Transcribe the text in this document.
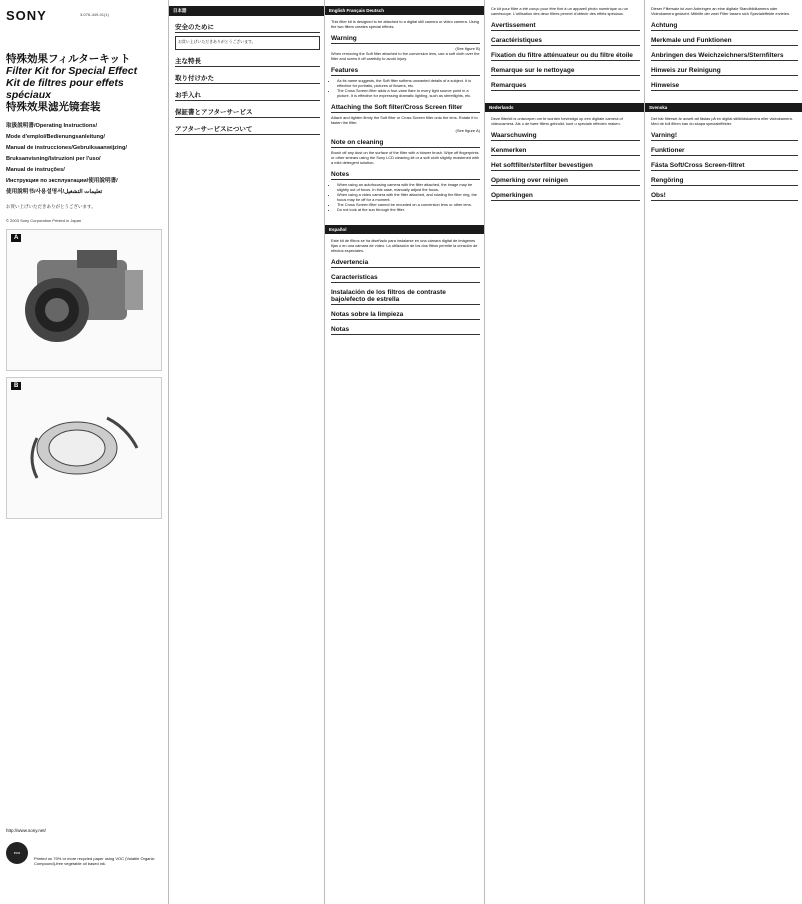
SONY	3-076-449-01(1)
特殊効果フィルターキット
Filter Kit for Special Effect
Kit de filtres pour effets spéciaux
特殊效果滤光镜套装
取扱説明書/Operating Instructions/
Mode d'emploi/Bedienungsanleitung/
Manual de instrucciones/Gebruiksaanwijzing/
Bruksanvisning/Istruzioni per l'uso/
Manual de instruções/
Инструкция по эксплуатации/使用說明書/
使用說明书/사용설명서/تعليمات التشغيل
お買い上げいただきありがとうございます。
© 2003 Sony Corporation Printed in Japan
A
B
http://www.sony.net/
eco
Printed on 70% or more recycled paper using VOC (Volatile Organic Compound)-free vegetable oil based ink.
日本語
安全のために

お買い上げいただきありがとうございます。

主な特長
取り付けかた
お手入れ
保証書とアフターサービス
アフターサービスについて
English Français Deutsch

This filter kit is designed to be attached to a digital still camera or video camera. Using the two filters creates special effects.

Warning
(See figure B)

When removing the Soft filter attached to the conversion lens, use a soft cloth over the filter and screw it off carefully to avoid injury.

Features
• As its name suggests, the Soft filter softens unwanted details of a subject. It is effective for portraits, pictures of flowers, etc.
• The Cross Screen filter adds a four-vane flare to every light source point in a picture. It is effective for expressing dramatic lighting, such as streetlights, etc.
Attaching the Soft filter/Cross Screen filter

Attach and tighten firmly the Soft filter or Cross Screen filter onto the lens. Rotate it to fasten the filter.

(See figure A)
Note on cleaning

Brush off any dust on the surface of the filter with a blower brush. Wipe off fingerprints or other smears using the Sony LCD cleaning kit or a soft cloth slightly moistened with a mild detergent solution.

Notes
• When using an autofocusing camera with the filter attached, the image may be slightly out of focus. In this case, manually adjust the focus.
• When using a video camera with the filter attached, and rotating the filter ring, the focus may be off for a moment.
• The Cross Screen filter cannot be mounted on a conversion lens or other lens.
• Do not look at the sun through the filter.
Español

Este kit de filtros se ha diseñado para instalarse en una cámara digital de imágenes fijas o en una cámara de vídeo. La utilización de los dos filtros permite la creación de efectos especiales.

Advertencia
Características
Instalación de los filtros de contraste bajo/efecto de estrella
Notas sobre la limpieza
Notas

Ce kit pour filtre a été conçu pour être fixé à un appareil photo numérique ou un caméscope. L'utilisation des deux filtres permet d'obtenir des effets spéciaux.

Avertissement
Caractéristiques
Fixation du filtre atténuateur ou du filtre étoile
Remarque sur le nettoyage
Remarques
Nederlands

Deze filterkit is ontworpen om te worden bevestigd op een digitale camera of videocamera. Als u de twee filters gebruikt, kunt u speciale effecten maken.

Waarschuwing
Kenmerken
Het softfilter/sterfilter bevestigen
Opmerking over reinigen
Opmerkingen

Dieser Filtersatz ist zum Anbringen an eine digitale Standbildkamera oder Videokamera gedacht. Mithilfe der zwei Filter lassen sich Spezialeffekte erzielen.

Achtung
Merkmale und Funktionen
Anbringen des Weichzeichners/Sternfilters
Hinweis zur Reinigung
Hinweise
Svenska

Det här filterset är avsett att fästas på en digital stillbildskamera eller videokamera. Med de två filtren kan du skapa specialeffekter.

Varning!
Funktioner
Fästa Soft/Cross Screen-filtret
Rengöring
Obs!
